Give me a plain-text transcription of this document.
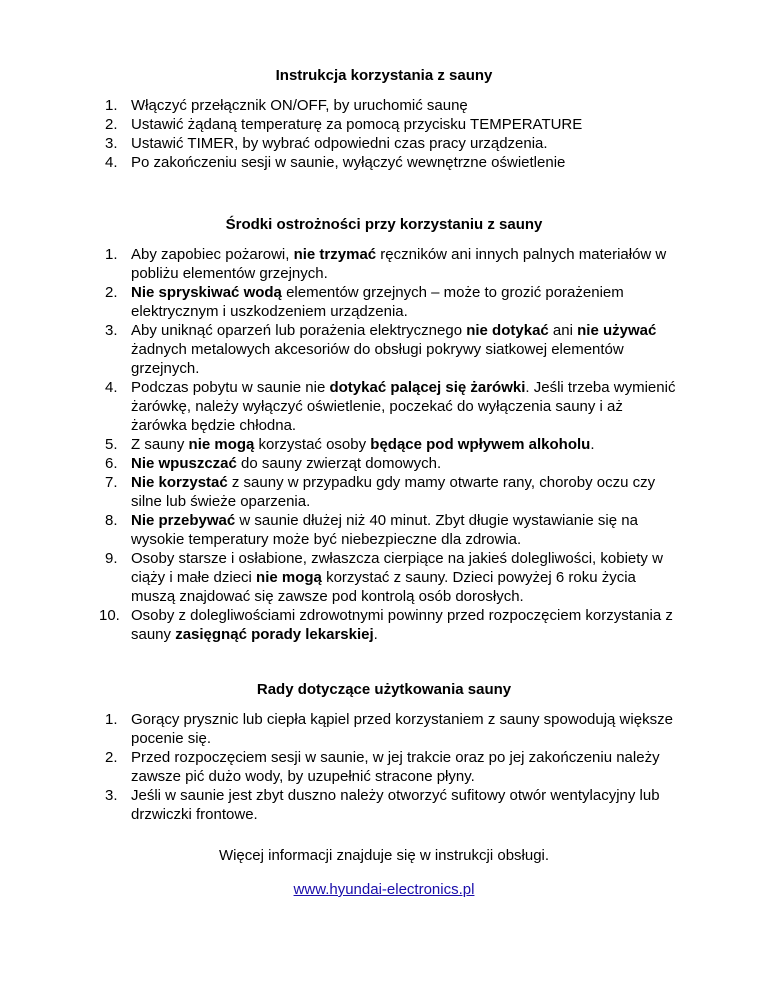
Instrukcja korzystania z sauny
1. Włączyć przełącznik ON/OFF, by uruchomić saunę
2. Ustawić żądaną temperaturę za pomocą przycisku TEMPERATURE
3. Ustawić TIMER, by wybrać odpowiedni czas pracy urządzenia.
4. Po zakończeniu sesji w saunie, wyłączyć wewnętrzne oświetlenie
Środki ostrożności przy korzystaniu z sauny
1. Aby zapobiec pożarowi, nie trzymać ręczników ani innych palnych materiałów w pobliżu elementów grzejnych.
2. Nie spryskiwać wodą elementów grzejnych – może to grozić porażeniem elektrycznym i uszkodzeniem urządzenia.
3. Aby uniknąć oparzeń lub porażenia elektrycznego nie dotykać ani nie używać żadnych metalowych akcesoriów do obsługi pokrywy siatkowej elementów grzejnych.
4. Podczas pobytu w saunie nie dotykać palącej się żarówki. Jeśli trzeba wymienić żarówkę, należy wyłączyć oświetlenie, poczekać do wyłączenia sauny i aż żarówka będzie chłodna.
5. Z sauny nie mogą korzystać osoby będące pod wpływem alkoholu.
6. Nie wpuszczać do sauny zwierząt domowych.
7. Nie korzystać z sauny w przypadku gdy mamy otwarte rany, choroby oczu czy silne lub świeże oparzenia.
8. Nie przebywać w saunie dłużej niż 40 minut. Zbyt długie wystawianie się na wysokie temperatury może być niebezpieczne dla zdrowia.
9. Osoby starsze i osłabione, zwłaszcza cierpiące na jakieś dolegliwości, kobiety w ciąży i małe dzieci nie mogą korzystać z sauny. Dzieci powyżej 6 roku życia muszą znajdować się zawsze pod kontrolą osób dorosłych.
10. Osoby z dolegliwościami zdrowotnymi powinny przed rozpoczęciem korzystania z sauny zasięgnąć porady lekarskiej.
Rady dotyczące użytkowania sauny
1. Gorący prysznic lub ciepła kąpiel przed korzystaniem z sauny spowodują większe pocenie się.
2. Przed rozpoczęciem sesji w saunie, w jej trakcie oraz po jej zakończeniu należy zawsze pić dużo wody, by uzupełnić stracone płyny.
3. Jeśli w saunie jest zbyt duszno należy otworzyć sufitowy otwór wentylacyjny lub drzwiczki frontowe.
Więcej informacji znajduje się w instrukcji obsługi.
www.hyundai-electronics.pl
